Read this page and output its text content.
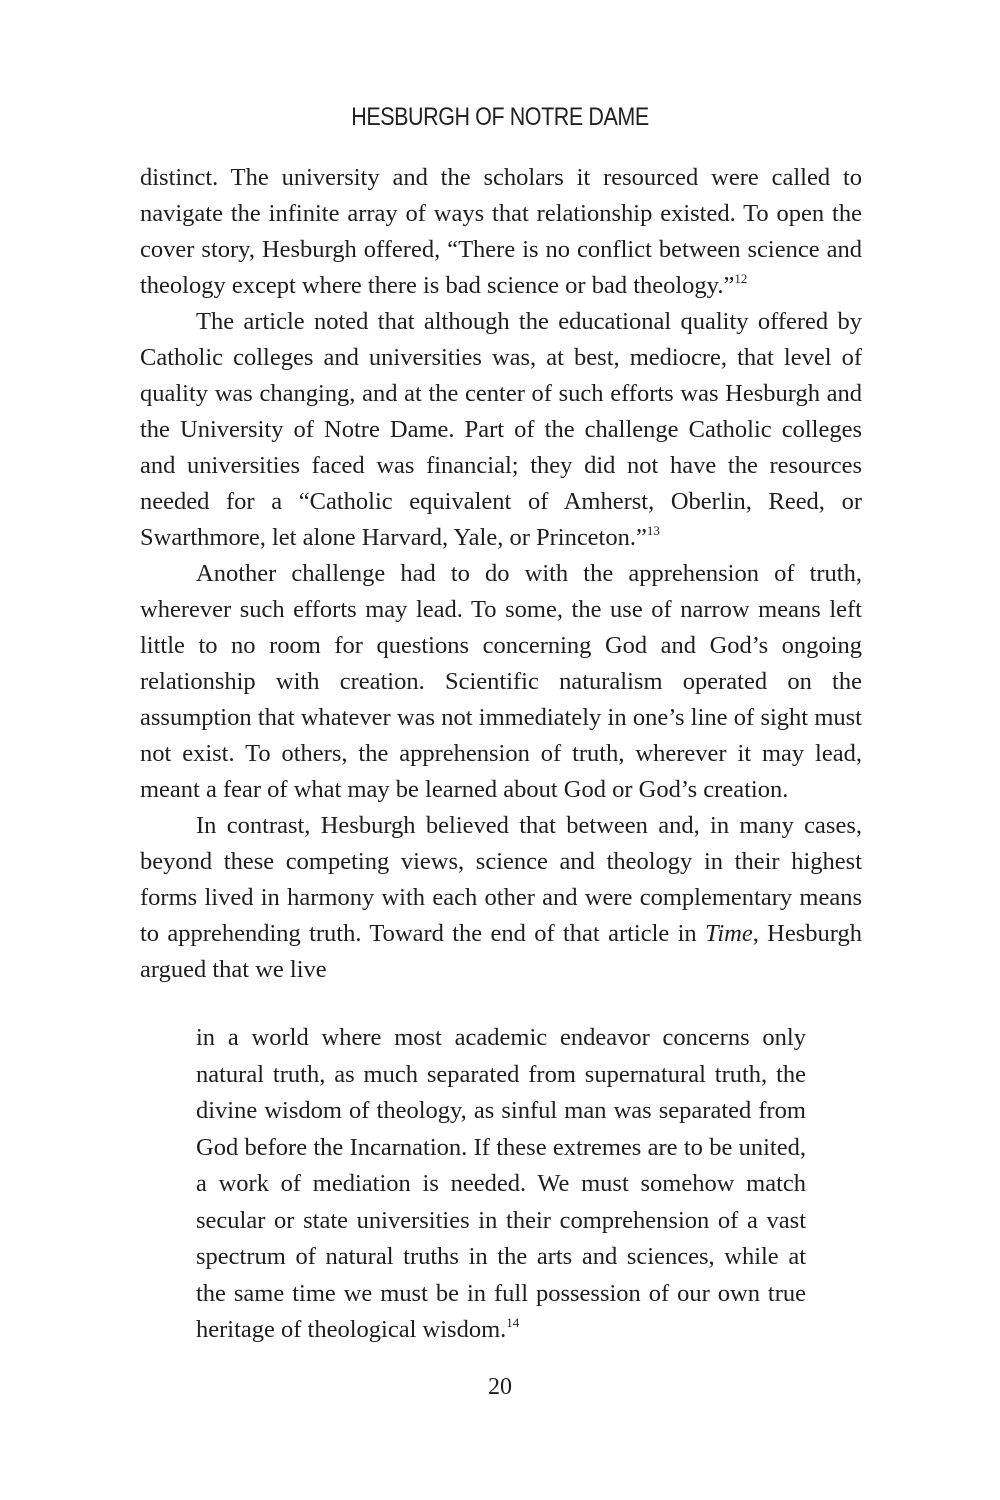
HESBURGH OF NOTRE DAME

distinct. The university and the scholars it resourced were called to navigate the infinite array of ways that relationship existed. To open the cover story, Hesburgh offered, “There is no conflict between science and theology except where there is bad science or bad theology.”$^{12}$

The article noted that although the educational quality offered by Catholic colleges and universities was, at best, mediocre, that level of quality was changing, and at the center of such efforts was Hesburgh and the University of Notre Dame. Part of the challenge Catholic colleges and universities faced was financial; they did not have the resources needed for a “Catholic equivalent of Amherst, Oberlin, Reed, or Swarthmore, let alone Harvard, Yale, or Princeton.”$^{13}$

Another challenge had to do with the apprehension of truth, wherever such efforts may lead. To some, the use of narrow means left little to no room for questions concerning God and God’s ongoing relationship with creation. Scientific naturalism operated on the assumption that whatever was not immediately in one’s line of sight must not exist. To others, the apprehension of truth, wherever it may lead, meant a fear of what may be learned about God or God’s creation.

In contrast, Hesburgh believed that between and, in many cases, beyond these competing views, science and theology in their highest forms lived in harmony with each other and were complementary means to apprehending truth. Toward the end of that article in Time, Hesburgh argued that we live

in a world where most academic endeavor concerns only natural truth, as much separated from supernatural truth, the divine wisdom of theology, as sinful man was separated from God before the Incarnation. If these extremes are to be united, a work of mediation is needed. We must somehow match secular or state universities in their comprehension of a vast spectrum of natural truths in the arts and sciences, while at the same time we must be in full possession of our own true heritage of theological wisdom.$^{14}$

20
